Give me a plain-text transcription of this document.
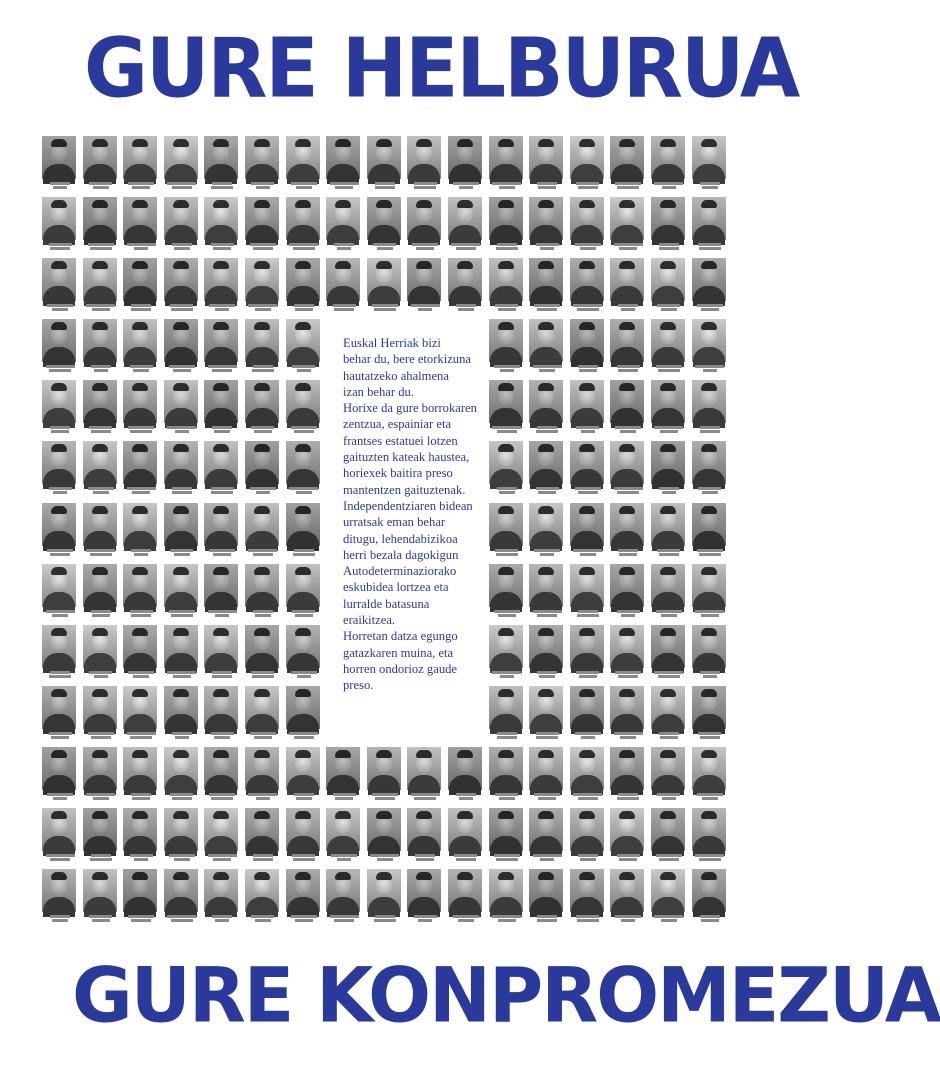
GURE HELBURUA
Euskal Herriak bizi
behar du, bere etorkizuna
hautatzeko ahalmena
izan behar du.
Horixe da gure borrokaren
zentzua, espainiar eta
frantses estatuei lotzen
gaituzten kateak haustea,
horiexek baitira preso
mantentzen gaituztenak.
Independentziaren bidean
urratsak eman behar
ditugu, lehendabizikoa
herri bezala dagokigun
Autodeterminaziorako
eskubidea lortzea eta
lurralde batasuna
eraikitzea.
Horretan datza egungo
gatazkaren muina, eta
horren ondorioz gaude
preso.
GURE KONPROMEZUA
